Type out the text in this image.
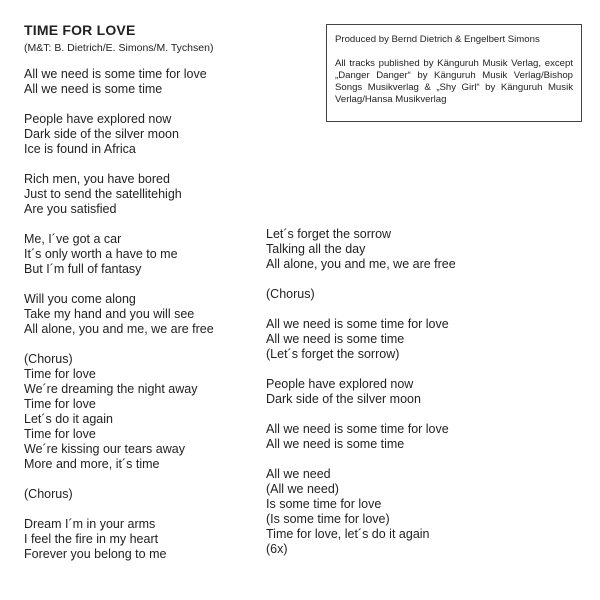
TIME FOR LOVE

(M&T: B. Dietrich/E. Simons/M. Tychsen)

Produced by Bernd Dietrich & Engelbert Simons
All tracks published by Känguruh Musik Verlag, except „Danger Danger“ by Känguruh Musik Verlag/Bishop Songs Musikverlag & „Shy Girl“ by Känguruh Musik Verlag/Hansa Musikverlag

All we need is some time for love
All we need is some time

People have explored now
Dark side of the silver moon
Ice is found in Africa

Rich men, you have bored
Just to send the satellitehigh
Are you satisfied

Me, I´ve got a car
It´s only worth a have to me
But I´m full of fantasy

Will you come along
Take my hand and you will see
All alone, you and me, we are free

(Chorus)
Time for love
We´re dreaming the night away
Time for love
Let´s do it again
Time for love
We´re kissing our tears away
More and more, it´s time

(Chorus)

Dream I´m in your arms
I feel the fire in my heart
Forever you belong to me

Let´s forget the sorrow
Talking all the day
All alone, you and me, we are free

(Chorus)

All we need is some time for love
All we need is some time
(Let´s forget the sorrow)

People have explored now
Dark side of the silver moon

All we need is some time for love
All we need is some time

All we need
(All we need)
Is some time for love
(Is some time for love)
Time for love, let´s do it again
(6x)
